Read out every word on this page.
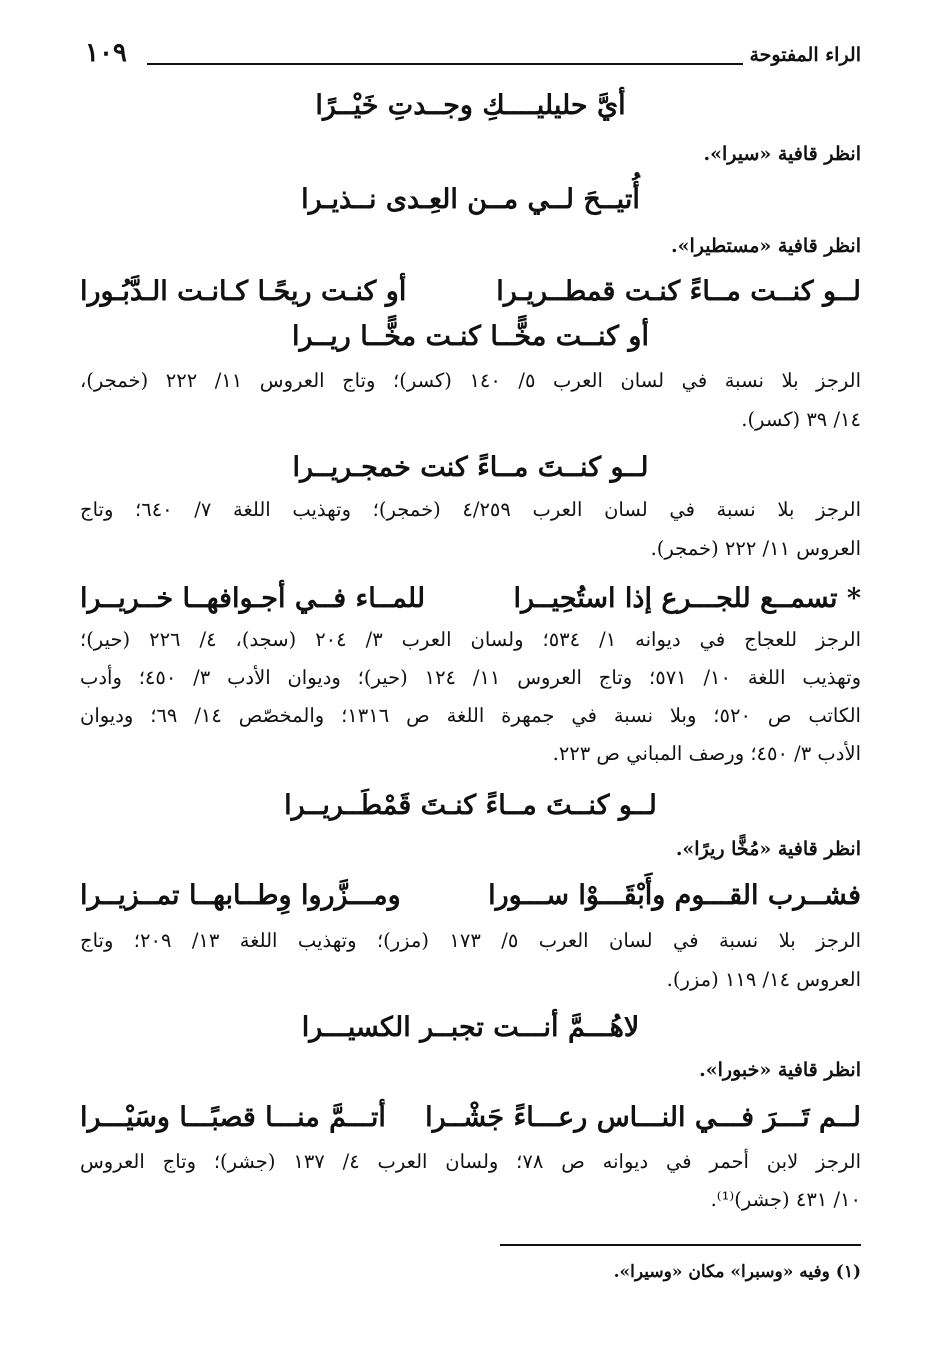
١٠٩	الراء المفتوحة
أيَّ حليليــــكِ وجــدتِ خَيْــرًا
انظر قافية «سيرا».
أُتيــحَ لــي مــن العِـدى نــذيـرا
انظر قافية «مستطيرا».
لــو كنــت مــاءً كنـت قمطــريـرا
أو كنـت ريحًـا كـانـت الـدَّبُـورا
أو كنــت مخًّــا كنـت مخًّــا ريــرا
الرجز بلا نسبة في لسان العرب ٥/ ١٤٠ (كسر)؛ وتاج العروس ١١/ ٢٢٢ (خمجر)،
١٤/ ٣٩ (كسر).
لــو كنــتَ مــاءً كنت خمجـريــرا
الرجز بلا نسبة في لسان العرب ٤/٢٥٩ (خمجر)؛ وتهذيب اللغة ٧/ ٦٤٠؛ وتاج
العروس ١١/ ٢٢٢ (خمجر).
* تسمــع للجـــرع إذا استُحِيــرا
للمــاء فــي أجـوافهــا خــريــرا
الرجز للعجاج في ديوانه ١/ ٥٣٤؛ ولسان العرب ٣/ ٢٠٤ (سجد)، ٤/ ٢٢٦ (حير)؛
وتهذيب اللغة ١٠/ ٥٧١؛ وتاج العروس ١١/ ١٢٤ (حير)؛ وديوان الأدب ٣/ ٤٥٠؛ وأدب
الكاتب ص ٥٢٠؛ وبلا نسبة في جمهرة اللغة ص ١٣١٦؛ والمخصّص ١٤/ ٦٩؛ وديوان
الأدب ٣/ ٤٥٠؛ ورصف المباني ص ٢٢٣.
لــو كنــتَ مــاءً كنـتَ قَمْطَــريــرا
انظر قافية «مُخًّا ريرًا».
فشــرب القـــوم وأَبْقَـــوْا ســـورا
ومـــزَّروا وِطــابهــا تمــزيــرا
الرجز بلا نسبة في لسان العرب ٥/ ١٧٣ (مزر)؛ وتهذيب اللغة ١٣/ ٢٠٩؛ وتاج
العروس ١٤/ ١١٩ (مزر).
لاهُـــمَّ أنـــت تجبــر الكسيـــرا
انظر قافية «خبورا».
لــم تَـــرَ فـــي النـــاس رعـــاءً جَشْــرا
أتـــمَّ منـــا قصبًـــا وسَيْـــرا
الرجز لابن أحمر في ديوانه ص ٧٨؛ ولسان العرب ٤/ ١٣٧ (جشر)؛ وتاج العروس
١٠/ ٤٣١ (جشر)⁽¹⁾.
(١) وفيه «وسبرا» مكان «وسيرا».
